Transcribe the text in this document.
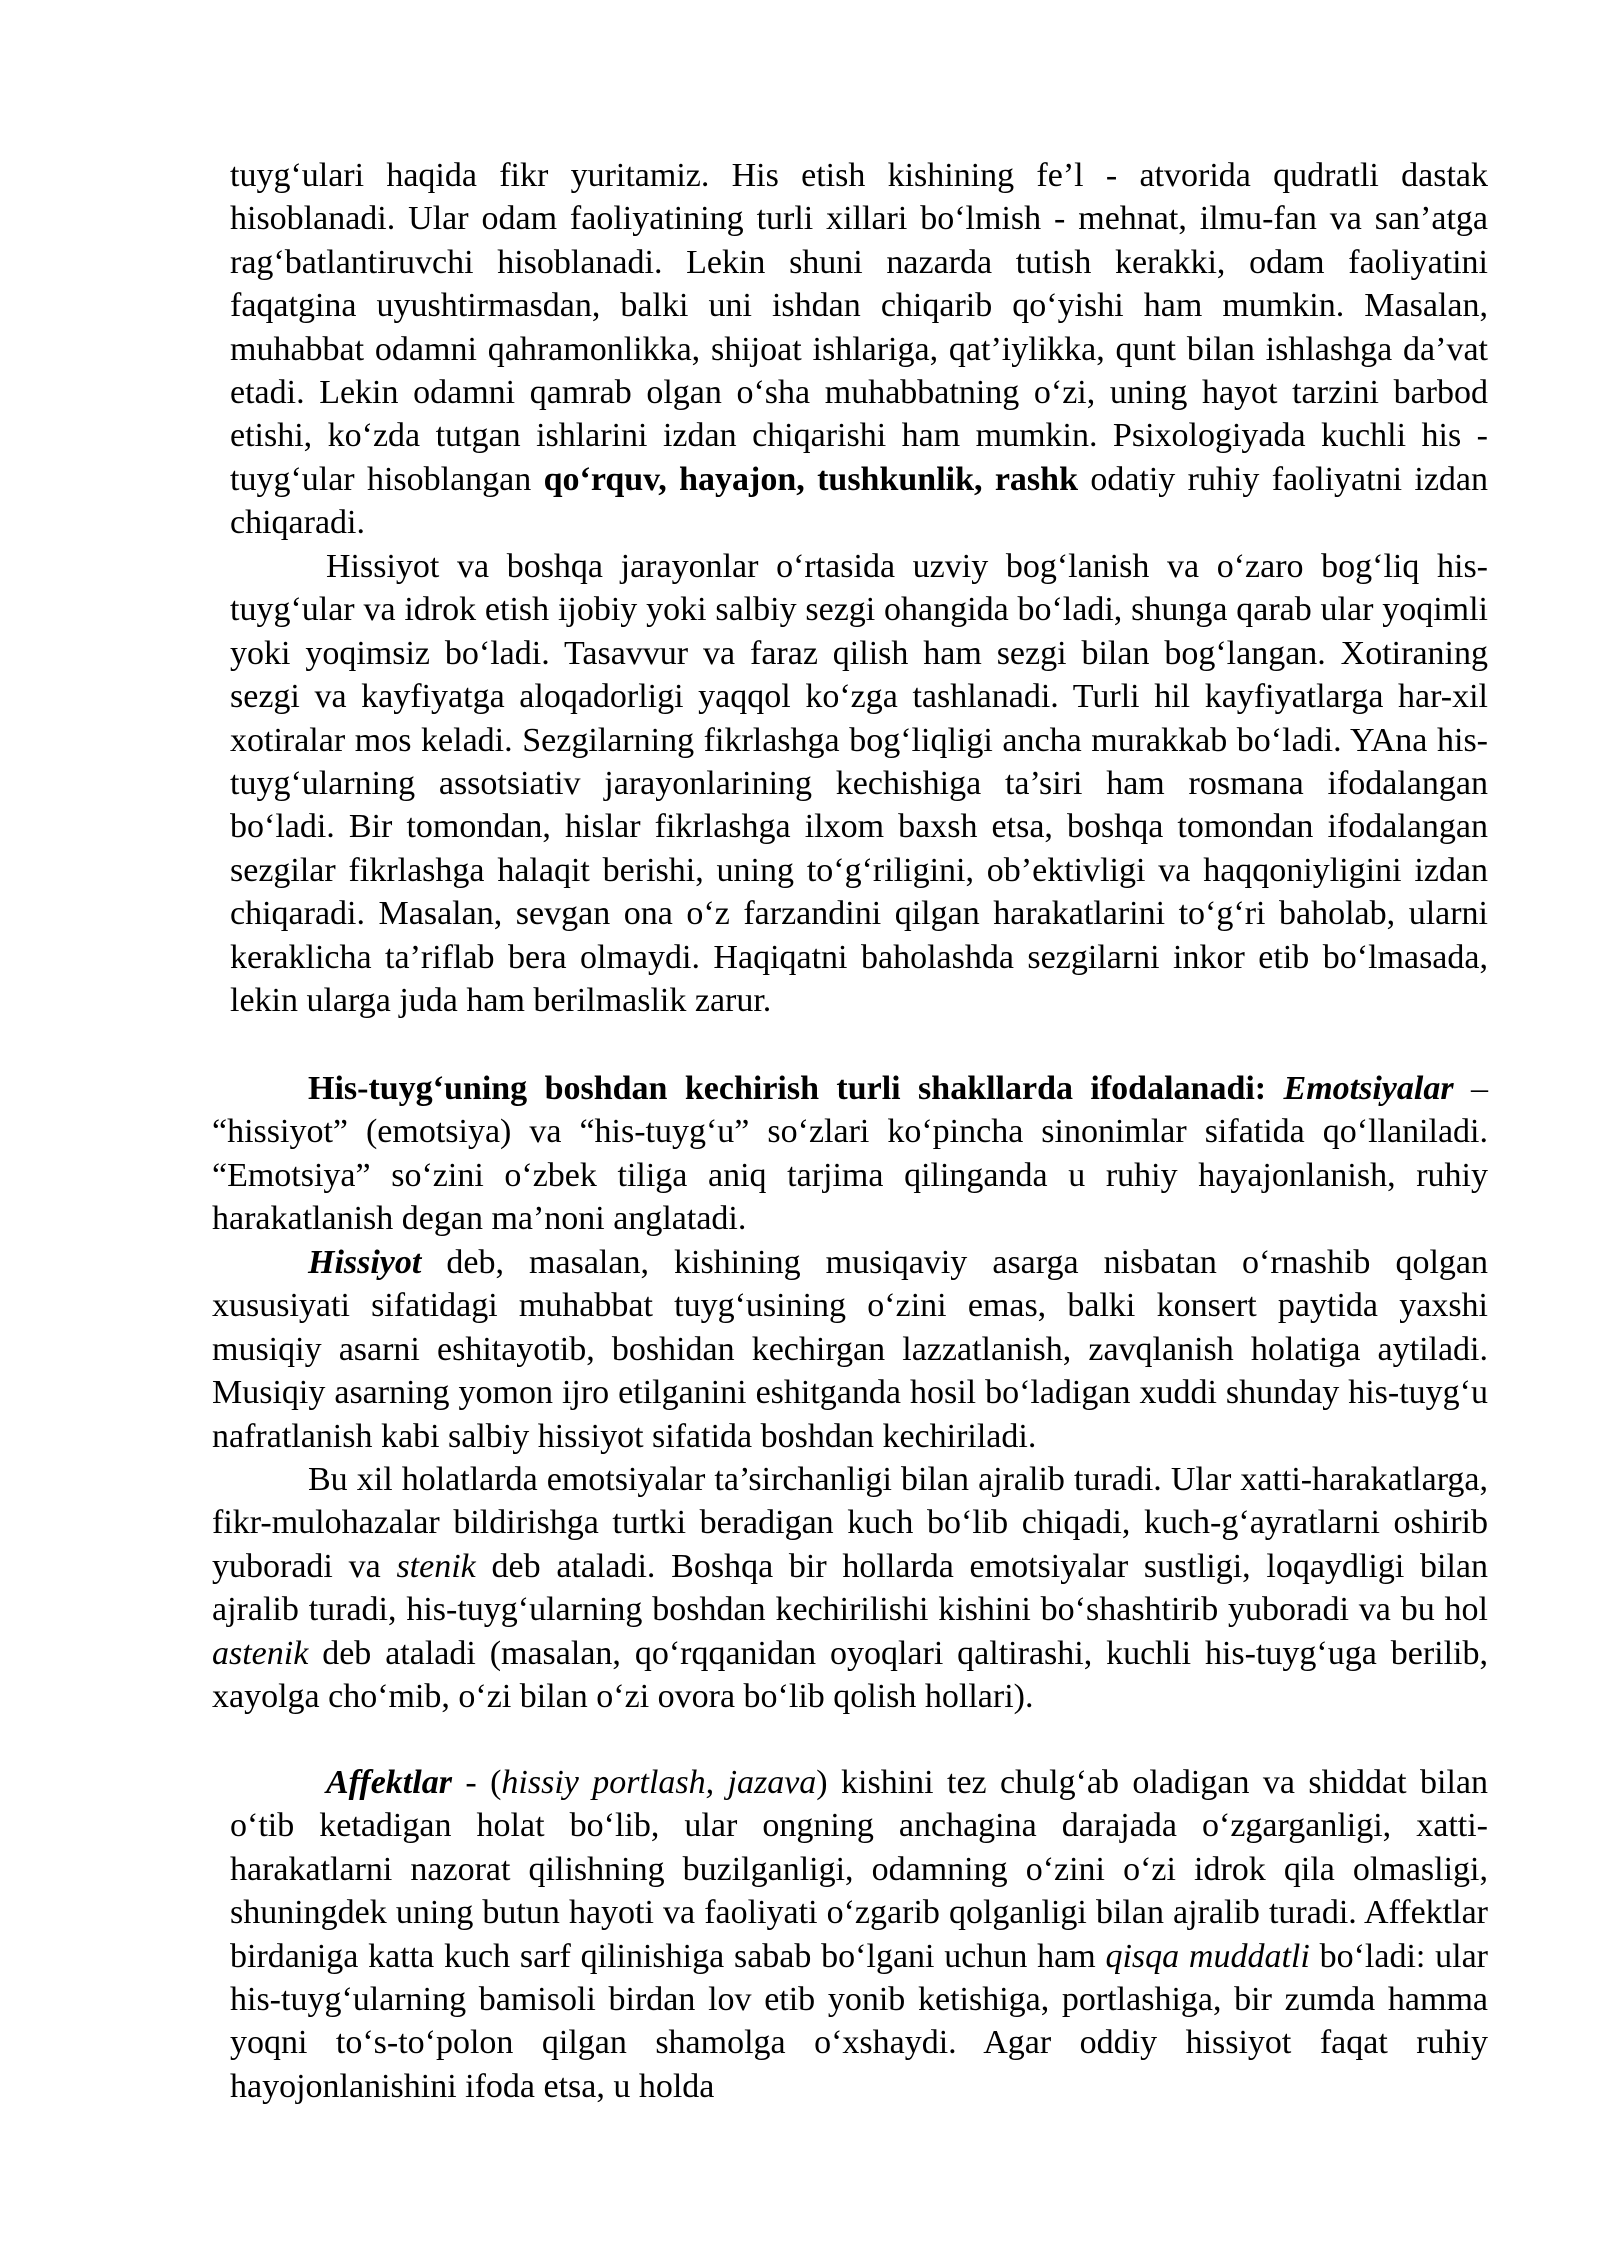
tuyg‘ulari haqida fikr yuritamiz. His etish kishining fe’l - atvorida qudratli dastak hisoblanadi. Ular odam faoliyatining turli xillari bo‘lmish - mehnat, ilmu-fan va san’atga rag‘batlantiruvchi hisoblanadi. Lekin shuni nazarda tutish kerakki, odam faoliyatini faqatgina uyushtirmasdan, balki uni ishdan chiqarib qo‘yishi ham mumkin. Masalan, muhabbat odamni qahramonlikka, shijoat ishlariga, qat’iylikka, qunt bilan ishlashga da’vat etadi. Lekin odamni qamrab olgan o‘sha muhabbatning o‘zi, uning hayot tarzini barbod etishi, ko‘zda tutgan ishlarini izdan chiqarishi ham mumkin. Psixologiyada kuchli his - tuyg‘ular hisoblangan qo‘rquv, hayajon, tushkunlik, rashk odatiy ruhiy faoliyatni izdan chiqaradi.

Hissiyot va boshqa jarayonlar o‘rtasida uzviy bog‘lanish va o‘zaro bog‘liq his-tuyg‘ular va idrok etish ijobiy yoki salbiy sezgi ohangida bo‘ladi, shunga qarab ular yoqimli yoki yoqimsiz bo‘ladi. Tasavvur va faraz qilish ham sezgi bilan bog‘langan. Xotiraning sezgi va kayfiyatga aloqadorligi yaqqol ko‘zga tashlanadi. Turli hil kayfiyatlarga har-xil xotiralar mos keladi. Sezgilarning fikrlashga bog‘liqligi ancha murakkab bo‘ladi. YAna his-tuyg‘ularning assotsiativ jarayonlarining kechishiga ta’siri ham rosmana ifodalangan bo‘ladi. Bir tomondan, hislar fikrlashga ilxom baxsh etsa, boshqa tomondan ifodalangan sezgilar fikrlashga halaqit berishi, uning to‘g‘riligini, ob’ektivligi va haqqoniyligini izdan chiqaradi. Masalan, sevgan ona o‘z farzandini qilgan harakatlarini to‘g‘ri baholab, ularni keraklicha ta’riflab bera olmaydi. Haqiqatni baholashda sezgilarni inkor etib bo‘lmasada, lekin ularga juda ham berilmaslik zarur.

His-tuyg‘uning boshdan kechirish turli shakllarda ifodalanadi: Emotsiyalar – “hissiyot” (emotsiya) va “his-tuyg‘u” so‘zlari ko‘pincha sinonimlar sifatida qo‘llaniladi. “Emotsiya” so‘zini o‘zbek tiliga aniq tarjima qilinganda u ruhiy hayajonlanish, ruhiy harakatlanish degan ma’noni anglatadi.

Hissiyot deb, masalan, kishining musiqaviy asarga nisbatan o‘rnashib qolgan xususiyati sifatidagi muhabbat tuyg‘usining o‘zini emas, balki konsert paytida yaxshi musiqiy asarni eshitayotib, boshidan kechirgan lazzatlanish, zavqlanish holatiga aytiladi. Musiqiy asarning yomon ijro etilganini eshitganda hosil bo‘ladigan xuddi shunday his-tuyg‘u nafratlanish kabi salbiy hissiyot sifatida boshdan kechiriladi.

Bu xil holatlarda emotsiyalar ta’sirchanligi bilan ajralib turadi. Ular xatti-harakatlarga, fikr-mulohazalar bildirishga turtki beradigan kuch bo‘lib chiqadi, kuch-g‘ayratlarni oshirib yuboradi va stenik deb ataladi. Boshqa bir hollarda emotsiyalar sustligi, loqaydligi bilan ajralib turadi, his-tuyg‘ularning boshdan kechirilishi kishini bo‘shashtirib yuboradi va bu hol astenik deb ataladi (masalan, qo‘rqqanidan oyoqlari qaltirashi, kuchli his-tuyg‘uga berilib, xayolga cho‘mib, o‘zi bilan o‘zi ovora bo‘lib qolish hollari).

Affektlar - (hissiy portlash, jazava) kishini tez chulg‘ab oladigan va shiddat bilan o‘tib ketadigan holat bo‘lib, ular ongning anchagina darajada o‘zgarganligi, xatti-harakatlarni nazorat qilishning buzilganligi, odamning o‘zini o‘zi idrok qila olmasligi, shuningdek uning butun hayoti va faoliyati o‘zgarib qolganligi bilan ajralib turadi. Affektlar birdaniga katta kuch sarf qilinishiga sabab bo‘lgani uchun ham qisqa muddatli bo‘ladi: ular his-tuyg‘ularning bamisoli birdan lov etib yonib ketishiga, portlashiga, bir zumda hamma yoqni to‘s-to‘polon qilgan shamolga o‘xshaydi. Agar oddiy hissiyot faqat ruhiy hayojonlanishini ifoda etsa, u holda
